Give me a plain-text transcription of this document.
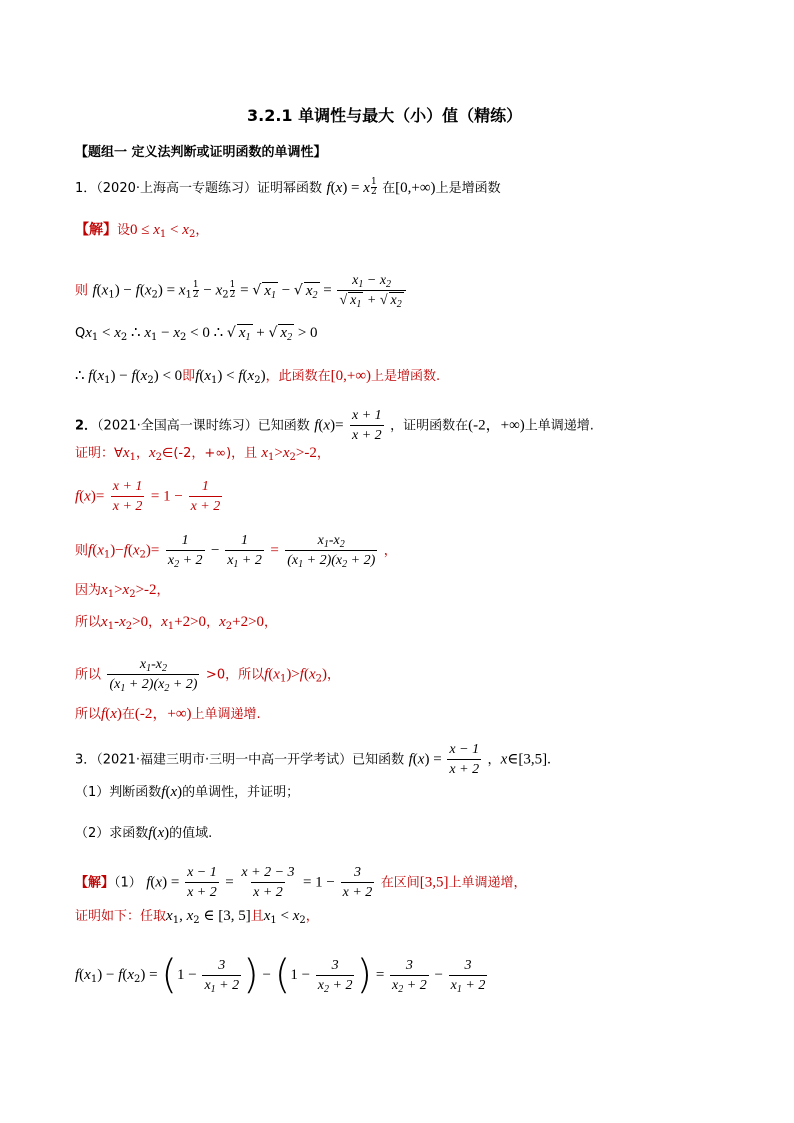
3.2.1 单调性与最大（小）值（精练）
【题组一 定义法判断或证明函数的单调性】
1．（2020·上海高一专题练习）证明幂函数 f(x) = x $\frac{1}{2}$ 在[0,+∞)上是增函数
【解】设$0 \le x_1 < x_2$，
则 $f(x_1) - f(x_2) = x_1 \frac{1}{2} - x_2 \frac{1}{2}$ = √ $x_1$ − √ $x_2 = \frac{x_1 - x_2}{√ x_1 + √ x_2}$
$Qx_1 < x_2$ ∴ $x_1 - x_2 < 0$ ∴ √ $x_1$ + √ $x_2 > 0$
∴ $f(x_1) - f(x_2) < 0$即$f(x_1) < f(x_2)$，此函数在[0,+∞)上是增函数.
2．（2021·全国高一课时练习）已知函数 $f(x)= \frac{x + 1}{x + 2}$ ，证明函数在(-2，+∞)上单调递增.
证明：$\forall x_1$，$x_2\in(-2$，+∞)，且 $x_1>x_2>-2$，
$f(x)= \frac{x + 1}{x + 2} = 1 - \frac{1}{x + 2}$
则$f(x_1)-f(x_2)= \frac{1}{x_2 + 2} - \frac{1}{x_1 + 2} = \frac{x_1-x_2}{(x_1 + 2)(x_2 + 2)}$ ，
因为$x_1>x_2>-2$，
所以$x_1-x_2>0$，$x_1+2>0$，$x_2+2>0$，
所以 $\frac{x_1-x_2}{(x_1 + 2)(x_2 + 2)} >0$，所以$f(x_1)>f(x_2)$，
所以f(x)在(-2，+∞)上单调递增.
3．（2021·福建三明市·三明一中高一开学考试）已知函数 $f(x) = \frac{x - 1}{x + 2}$ ，x∈[3,5].
（1）判断函数f(x)的单调性，并证明；
（2）求函数f(x)的值域.
【解】（1） $f(x) = \frac{x - 1}{x + 2} = \frac{x + 2 - 3}{x + 2} = 1 - \frac{3}{x + 2}$ 在区间[3,5]上单调递增，
证明如下：任取$x_1$, $x_2$ ∈ [3, 5]且$x_1 < x_2$，
$f(x_1) - f(x_2) = (1 - \frac{3}{x_1 + 2}$ ) − ($1 - \frac{3}{x_2 + 2}$ ) = $\frac{3}{x_2 + 2} - \frac{3}{x_1 + 2}$
